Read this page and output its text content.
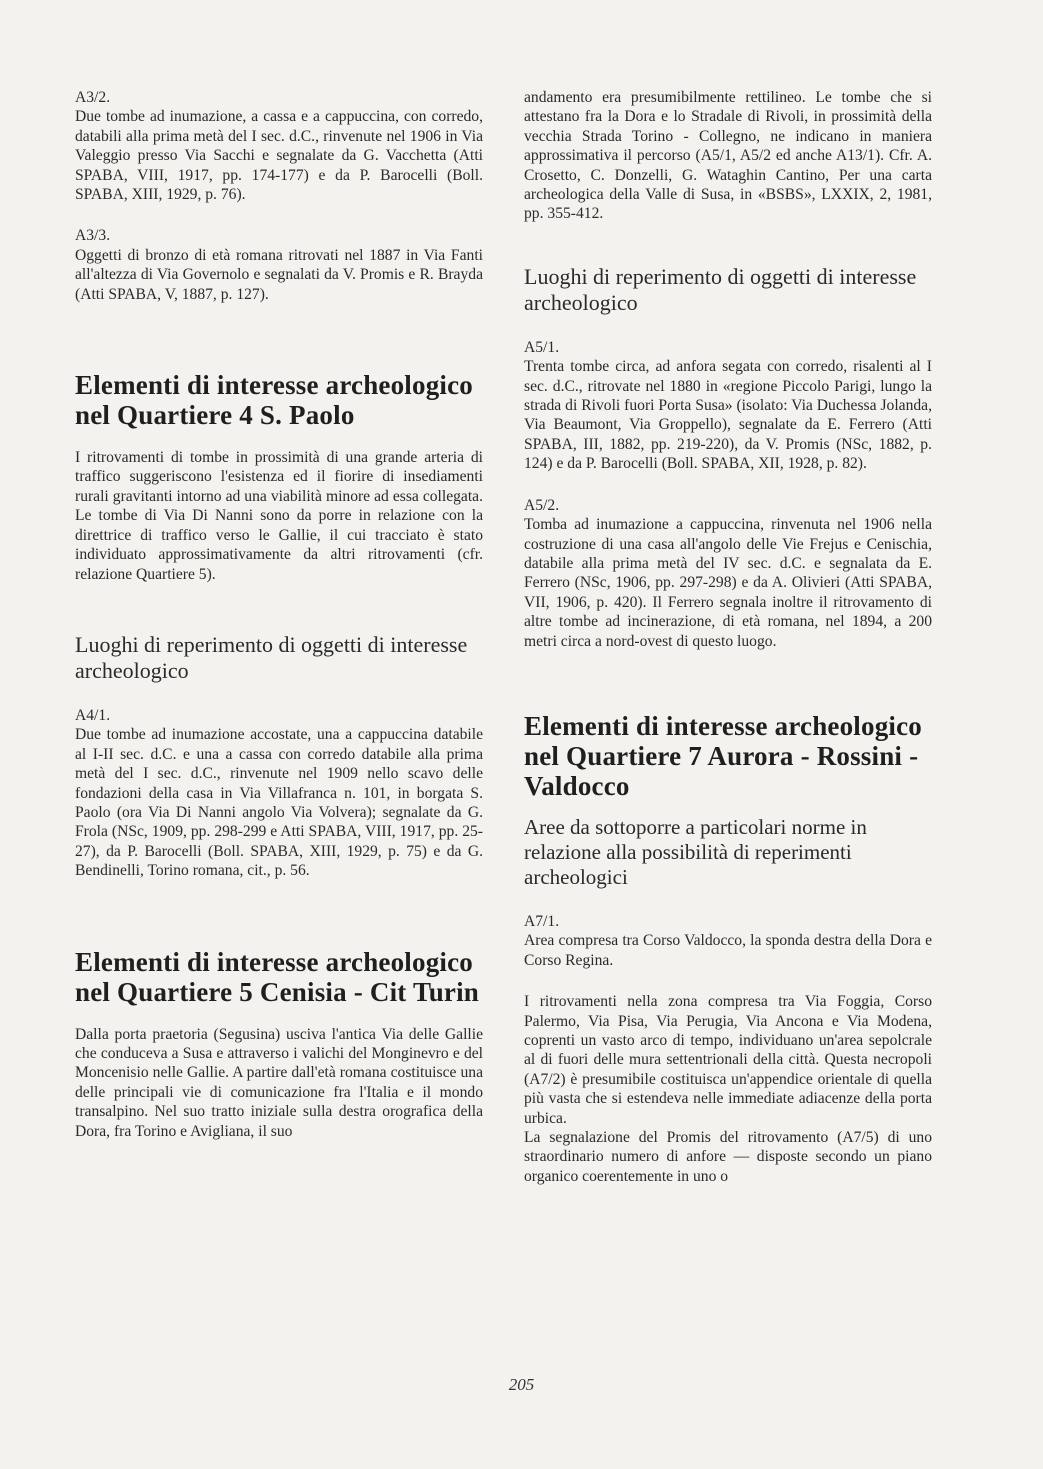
A3/2.

Due tombe ad inumazione, a cassa e a cappuccina, con corredo, databili alla prima metà del I sec. d.C., rinvenute nel 1906 in Via Valeggio presso Via Sacchi e segnalate da G. Vacchetta (Atti SPABA, VIII, 1917, pp. 174-177) e da P. Barocelli (Boll. SPABA, XIII, 1929, p. 76).

A3/3.

Oggetti di bronzo di età romana ritrovati nel 1887 in Via Fanti all'altezza di Via Governolo e segnalati da V. Promis e R. Brayda (Atti SPABA, V, 1887, p. 127).

Elementi di interesse archeologico nel Quartiere 4 S. Paolo

I ritrovamenti di tombe in prossimità di una grande arteria di traffico suggeriscono l'esistenza ed il fiorire di insediamenti rurali gravitanti intorno ad una viabilità minore ad essa collegata. Le tombe di Via Di Nanni sono da porre in relazione con la direttrice di traffico verso le Gallie, il cui tracciato è stato individuato approssimativamente da altri ritrovamenti (cfr. relazione Quartiere 5).

Luoghi di reperimento di oggetti di interesse archeologico

A4/1.

Due tombe ad inumazione accostate, una a cappuccina databile al I-II sec. d.C. e una a cassa con corredo databile alla prima metà del I sec. d.C., rinvenute nel 1909 nello scavo delle fondazioni della casa in Via Villafranca n. 101, in borgata S. Paolo (ora Via Di Nanni angolo Via Volvera); segnalate da G. Frola (NSc, 1909, pp. 298-299 e Atti SPABA, VIII, 1917, pp. 25-27), da P. Barocelli (Boll. SPABA, XIII, 1929, p. 75) e da G. Bendinelli, Torino romana, cit., p. 56.

Elementi di interesse archeologico nel Quartiere 5 Cenisia - Cit Turin

Dalla porta praetoria (Segusina) usciva l'antica Via delle Gallie che conduceva a Susa e attraverso i valichi del Monginevro e del Moncenisio nelle Gallie. A partire dall'età romana costituisce una delle principali vie di comunicazione fra l'Italia e il mondo transalpino. Nel suo tratto iniziale sulla destra orografica della Dora, fra Torino e Avigliana, il suo

andamento era presumibilmente rettilineo. Le tombe che si attestano fra la Dora e lo Stradale di Rivoli, in prossimità della vecchia Strada Torino - Collegno, ne indicano in maniera approssimativa il percorso (A5/1, A5/2 ed anche A13/1). Cfr. A. Crosetto, C. Donzelli, G. Wataghin Cantino, Per una carta archeologica della Valle di Susa, in «BSBS», LXXIX, 2, 1981, pp. 355-412.

Luoghi di reperimento di oggetti di interesse archeologico

A5/1.

Trenta tombe circa, ad anfora segata con corredo, risalenti al I sec. d.C., ritrovate nel 1880 in «regione Piccolo Parigi, lungo la strada di Rivoli fuori Porta Susa» (isolato: Via Duchessa Jolanda, Via Beaumont, Via Groppello), segnalate da E. Ferrero (Atti SPABA, III, 1882, pp. 219-220), da V. Promis (NSc, 1882, p. 124) e da P. Barocelli (Boll. SPABA, XII, 1928, p. 82).

A5/2.

Tomba ad inumazione a cappuccina, rinvenuta nel 1906 nella costruzione di una casa all'angolo delle Vie Frejus e Cenischia, databile alla prima metà del IV sec. d.C. e segnalata da E. Ferrero (NSc, 1906, pp. 297-298) e da A. Olivieri (Atti SPABA, VII, 1906, p. 420). Il Ferrero segnala inoltre il ritrovamento di altre tombe ad incinerazione, di età romana, nel 1894, a 200 metri circa a nord-ovest di questo luogo.

Elementi di interesse archeologico nel Quartiere 7 Aurora - Rossini - Valdocco
Aree da sottoporre a particolari norme in relazione alla possibilità di reperimenti archeologici

A7/1.

Area compresa tra Corso Valdocco, la sponda destra della Dora e Corso Regina.

I ritrovamenti nella zona compresa tra Via Foggia, Corso Palermo, Via Pisa, Via Perugia, Via Ancona e Via Modena, coprenti un vasto arco di tempo, individuano un'area sepolcrale al di fuori delle mura settentrionali della città. Questa necropoli (A7/2) è presumibile costituisca un'appendice orientale di quella più vasta che si estendeva nelle immediate adiacenze della porta urbica.

La segnalazione del Promis del ritrovamento (A7/5) di uno straordinario numero di anfore — disposte secondo un piano organico coerentemente in uno o

205
